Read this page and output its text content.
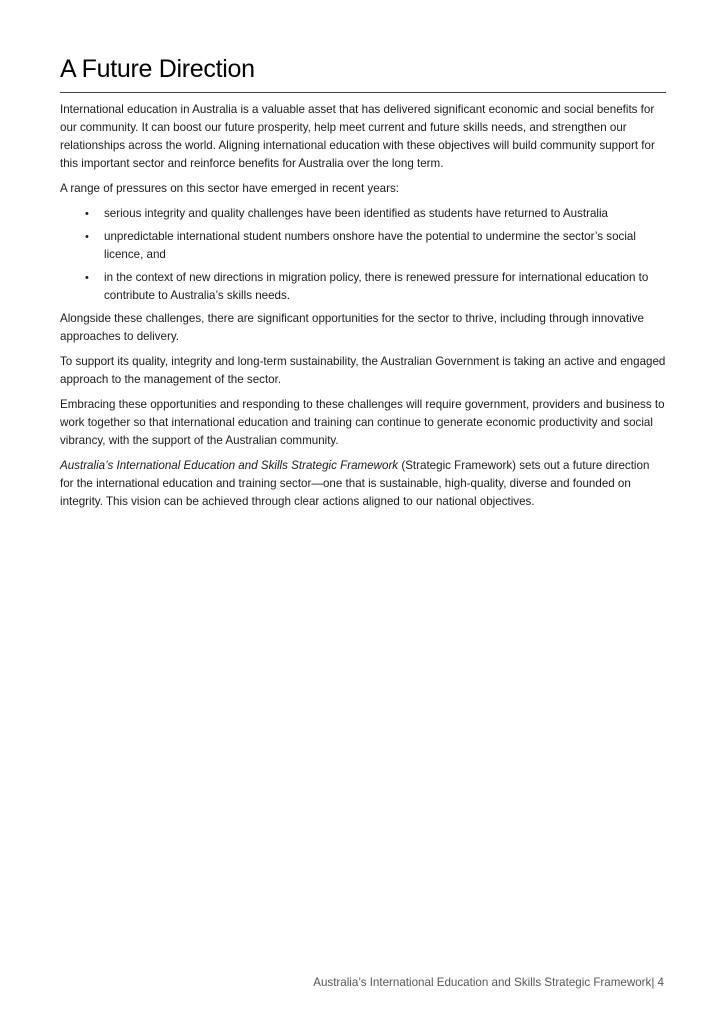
A Future Direction

International education in Australia is a valuable asset that has delivered significant economic and social benefits for our community. It can boost our future prosperity, help meet current and future skills needs, and strengthen our relationships across the world. Aligning international education with these objectives will build community support for this important sector and reinforce benefits for Australia over the long term.

A range of pressures on this sector have emerged in recent years:

• serious integrity and quality challenges have been identified as students have returned to Australia
• unpredictable international student numbers onshore have the potential to undermine the sector’s social licence, and
• in the context of new directions in migration policy, there is renewed pressure for international education to contribute to Australia’s skills needs.

Alongside these challenges, there are significant opportunities for the sector to thrive, including through innovative approaches to delivery.

To support its quality, integrity and long-term sustainability, the Australian Government is taking an active and engaged approach to the management of the sector.

Embracing these opportunities and responding to these challenges will require government, providers and business to work together so that international education and training can continue to generate economic productivity and social vibrancy, with the support of the Australian community.

Australia’s International Education and Skills Strategic Framework (Strategic Framework) sets out a future direction for the international education and training sector—one that is sustainable, high-quality, diverse and founded on integrity. This vision can be achieved through clear actions aligned to our national objectives.

Australia’s International Education and Skills Strategic Framework| 4
